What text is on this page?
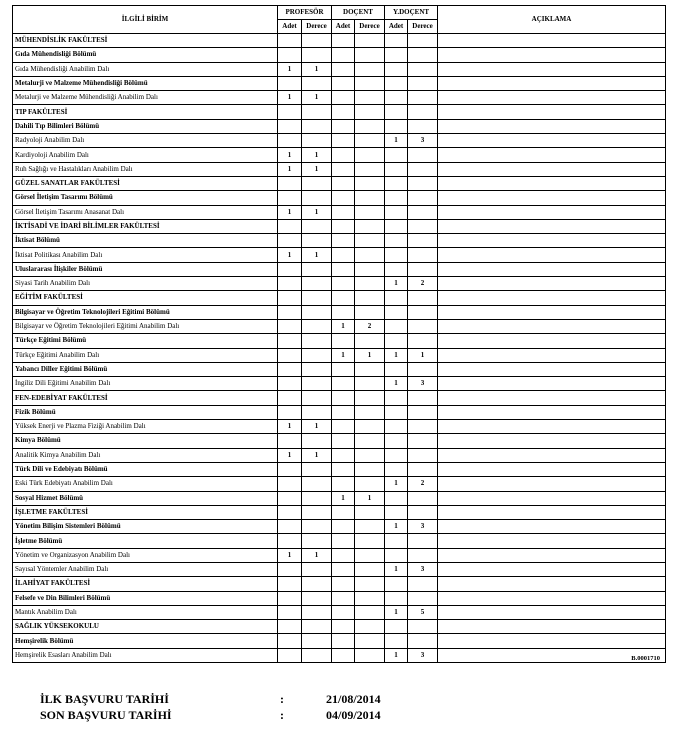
İLGİLİ BİRİM	PROFESÖR		DOÇENT		Y.DOÇENT		AÇIKLAMA
	Adet	Derece	Adet	Derece	Adet	Derece	
MÜHENDİSLİK FAKÜLTESİ							
Gıda Mühendisliği Bölümü							
Gıda Mühendisliği Anabilim Dalı	1	1					
Metalurji ve Malzeme Mühendisliği Bölümü							
Metalurji ve Malzeme Mühendisliği Anabilim Dalı	1	1					
TIP FAKÜLTESİ							
Dahili Tıp Bilimleri Bölümü							
Radyoloji Anabilim Dalı					1	3	
Kardiyoloji Anabilim Dalı	1	1					
Ruh Sağlığı ve Hastalıkları Anabilim Dalı	1	1					
GÜZEL SANATLAR FAKÜLTESİ							
Görsel İletişim Tasarımı Bölümü							
Görsel İletişim Tasarımı Anasanat Dalı	1	1					
İKTİSADİ VE İDARİ BİLİMLER FAKÜLTESİ							
İktisat Bölümü							
İktisat Politikası Anabilim Dalı	1	1					
Uluslararası İlişkiler Bölümü							
Siyasi Tarih Anabilim Dalı					1	2	
EĞİTİM FAKÜLTESİ							
Bilgisayar ve Öğretim Teknolojileri Eğitimi Bölümü							
Bilgisayar ve Öğretim Teknolojileri Eğitimi Anabilim Dalı			1	2			
Türkçe Eğitimi Bölümü							
Türkçe Eğitimi Anabilim Dalı			1	1	1	1	
Yabancı Diller Eğitimi Bölümü							
İngiliz Dili Eğitimi Anabilim Dalı					1	3	
FEN-EDEBİYAT FAKÜLTESİ							
Fizik Bölümü							
Yüksek Enerji ve Plazma Fiziği Anabilim Dalı	1	1					
Kimya Bölümü							
Analitik Kimya Anabilim Dalı	1	1					
Türk Dili ve Edebiyatı Bölümü							
Eski Türk Edebiyatı Anabilim Dalı					1	2	
Sosyal Hizmet Bölümü			1	1			
İŞLETME FAKÜLTESİ							
Yönetim Bilişim Sistemleri Bölümü					1	3	
İşletme Bölümü							
Yönetim ve Organizasyon Anabilim Dalı	1	1					
Sayısal Yöntemler Anabilim Dalı					1	3	
İLAHİYAT FAKÜLTESİ							
Felsefe ve Din Bilimleri Bölümü							
Mantık Anabilim Dalı					1	5	
SAĞLIK YÜKSEKOKULU							
Hemşirelik Bölümü							
Hemşirelik Esasları Anabilim Dalı					1	3		B.0001710
İLK BAŞVURU TARİHİ	:	21/08/2014
SON BAŞVURU TARİHİ	:	04/09/2014
